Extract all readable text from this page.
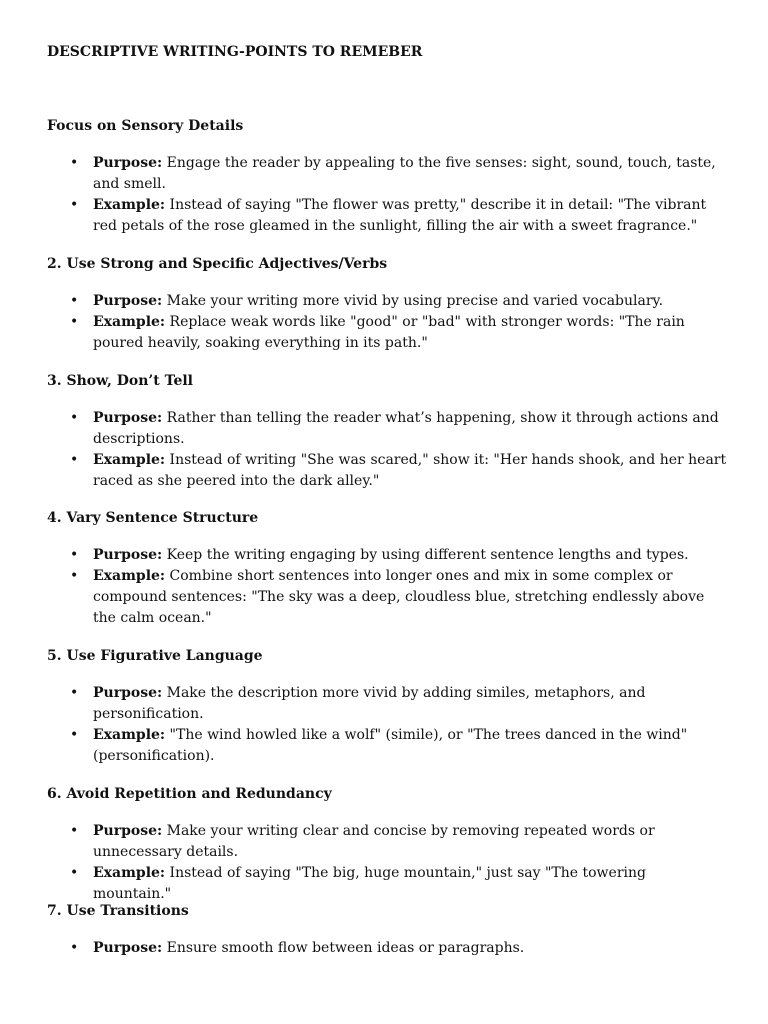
DESCRIPTIVE WRITING-POINTS TO REMEBER
Focus on Sensory Details
• Purpose: Engage the reader by appealing to the five senses: sight, sound, touch, taste, and smell.
• Example: Instead of saying "The flower was pretty," describe it in detail: "The vibrant red petals of the rose gleamed in the sunlight, filling the air with a sweet fragrance."
2. Use Strong and Specific Adjectives/Verbs
• Purpose: Make your writing more vivid by using precise and varied vocabulary.
• Example: Replace weak words like "good" or "bad" with stronger words: "The rain poured heavily, soaking everything in its path."
3. Show, Don’t Tell
• Purpose: Rather than telling the reader what’s happening, show it through actions and descriptions.
• Example: Instead of writing "She was scared," show it: "Her hands shook, and her heart raced as she peered into the dark alley."
4. Vary Sentence Structure
• Purpose: Keep the writing engaging by using different sentence lengths and types.
• Example: Combine short sentences into longer ones and mix in some complex or compound sentences: "The sky was a deep, cloudless blue, stretching endlessly above the calm ocean."
5. Use Figurative Language
• Purpose: Make the description more vivid by adding similes, metaphors, and personification.
• Example: "The wind howled like a wolf" (simile), or "The trees danced in the wind" (personification).
6. Avoid Repetition and Redundancy
• Purpose: Make your writing clear and concise by removing repeated words or unnecessary details.
• Example: Instead of saying "The big, huge mountain," just say "The towering mountain."
7. Use Transitions
• Purpose: Ensure smooth flow between ideas or paragraphs.
